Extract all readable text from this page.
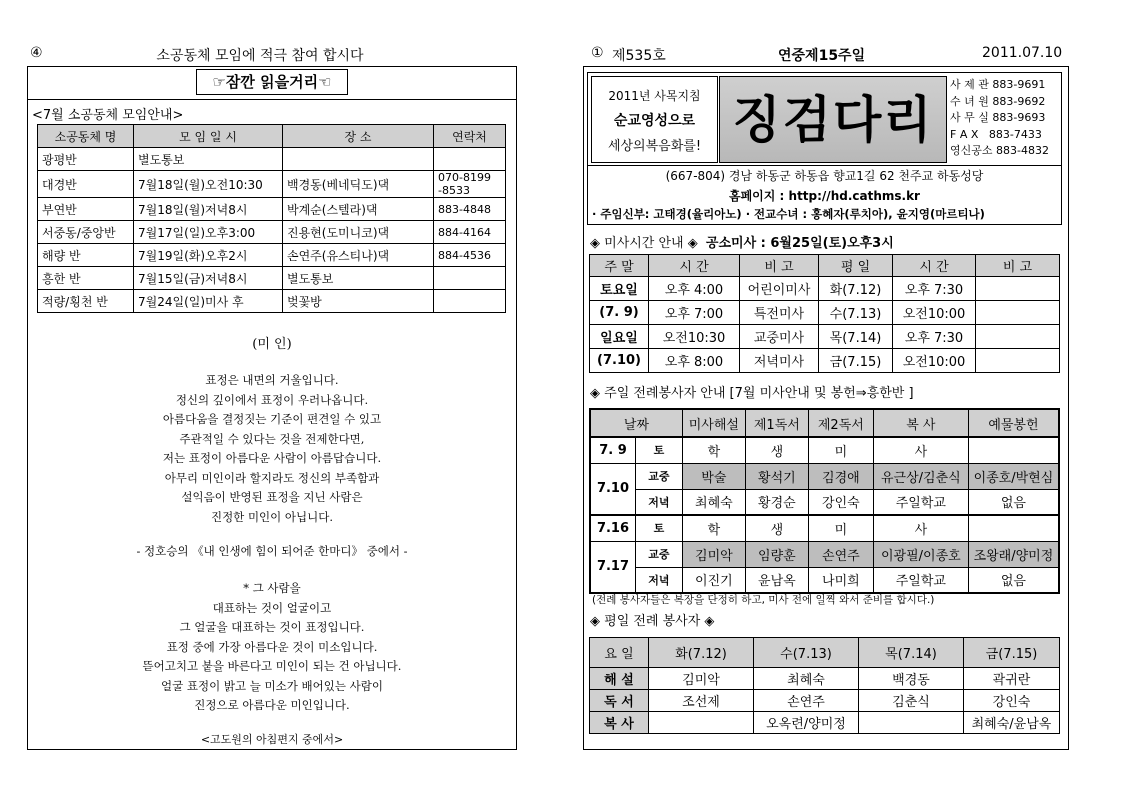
④	소공동체 모임에 적극 참여 합시다
☞잠깐 읽을거리☜
<7월 소공동체 모임안내>
소공동체 명	모 임 일 시	장 소	연락처
광평반	별도통보		
대경반	7월18일(월)오전10:30	백경동(베네딕도)댁	070-8199
-8533
부연반	7월18일(월)저녁8시	박계순(스텔라)댁	883-4848
서중동/중앙반	7월17일(일)오후3:00	진용현(도미니코)댁	884-4164
해량 반	7월19일(화)오후2시	손연주(유스티나)댁	884-4536
흥한 반	7월15일(금)저녁8시	별도통보	
적량/횡천 반	7월24일(일)미사 후	벚꽃방	
(미 인)

표정은 내면의 거울입니다.

정신의 깊이에서 표정이 우러나옵니다.

아름다움을 결정짓는 기준이 편견일 수 있고

주관적일 수 있다는 것을 전제한다면,

저는 표정이 아름다운 사람이 아름답습니다.

아무리 미인이라 할지라도 정신의 부족함과

설익음이 반영된 표정을 지닌 사람은

진정한 미인이 아닙니다.

- 정호승의 《내 인생에 힘이 되어준 한마디》 중에서 -

* 그 사람을

대표하는 것이 얼굴이고

그 얼굴을 대표하는 것이 표정입니다.

표정 중에 가장 아름다운 것이 미소입니다.

뜯어고치고 붙을 바른다고 미인이 되는 건 아닙니다.

얼굴 표정이 밝고 늘 미소가 배어있는 사람이

진정으로 아름다운 미인입니다.

<고도원의 아침편지 중에서>
① 제535호	연중제15주일	2011.07.10
2011년 사목지침
순교영성으로
세상의복음화를! 징검다리
사 제 관 883-9691
수 녀 원 883-9692
사 무 실 883-9693
F A X   883-7433
영신공소 883-4832
(667-804) 경남 하동군 하동읍 향교1길 62 천주교 하동성당
홈페이지 : http://hd.cathms.kr
· 주임신부: 고태경(율리아노) · 전교수녀 : 홍혜자(루치아), 윤지영(마르티나)
◈ 미사시간 안내 ◈ 공소미사 : 6월25일(토)오후3시
주 말	시 간	비 고	평 일	시 간	비 고
토요일	오후 4:00	어린이미사	화(7.12)	오후 7:30	
(7. 9)	오후 7:00	특전미사	수(7.13)	오전10:00	
일요일	오전10:30	교중미사	목(7.14)	오후 7:30	
(7.10)	오후 8:00	저녁미사	금(7.15)	오전10:00	
◈ 주일 전례봉사자 안내 [7월 미사안내 및 봉헌⇒흥한반 ]
날짜		미사해설	제1독서	제2독서	복 사	예물봉헌
7. 9	토	학	생	미	사	
7.10	교중	박술	황석기	김경애	유근상/김춘식	이종호/박현심
	저녁	최혜숙	황경순	강인숙	주일학교	없음
7.16	토	학	생	미	사	
7.17	교중	김미악	임량훈	손연주	이광필/이종호	조왕래/양미정
	저녁	이진기	윤남옥	나미희	주일학교	없음
(전례 봉사자들은 복장을 단정히 하고, 미사 전에 일찍 와서 준비를 합시다.)
◈ 평일 전례 봉사자 ◈
요 일	화(7.12)	수(7.13)	목(7.14)	금(7.15)
해 설	김미악	최혜숙	백경동	곽귀란
독 서	조선제	손연주	김춘식	강인숙
복 사		오옥련/양미정		최혜숙/윤남옥
